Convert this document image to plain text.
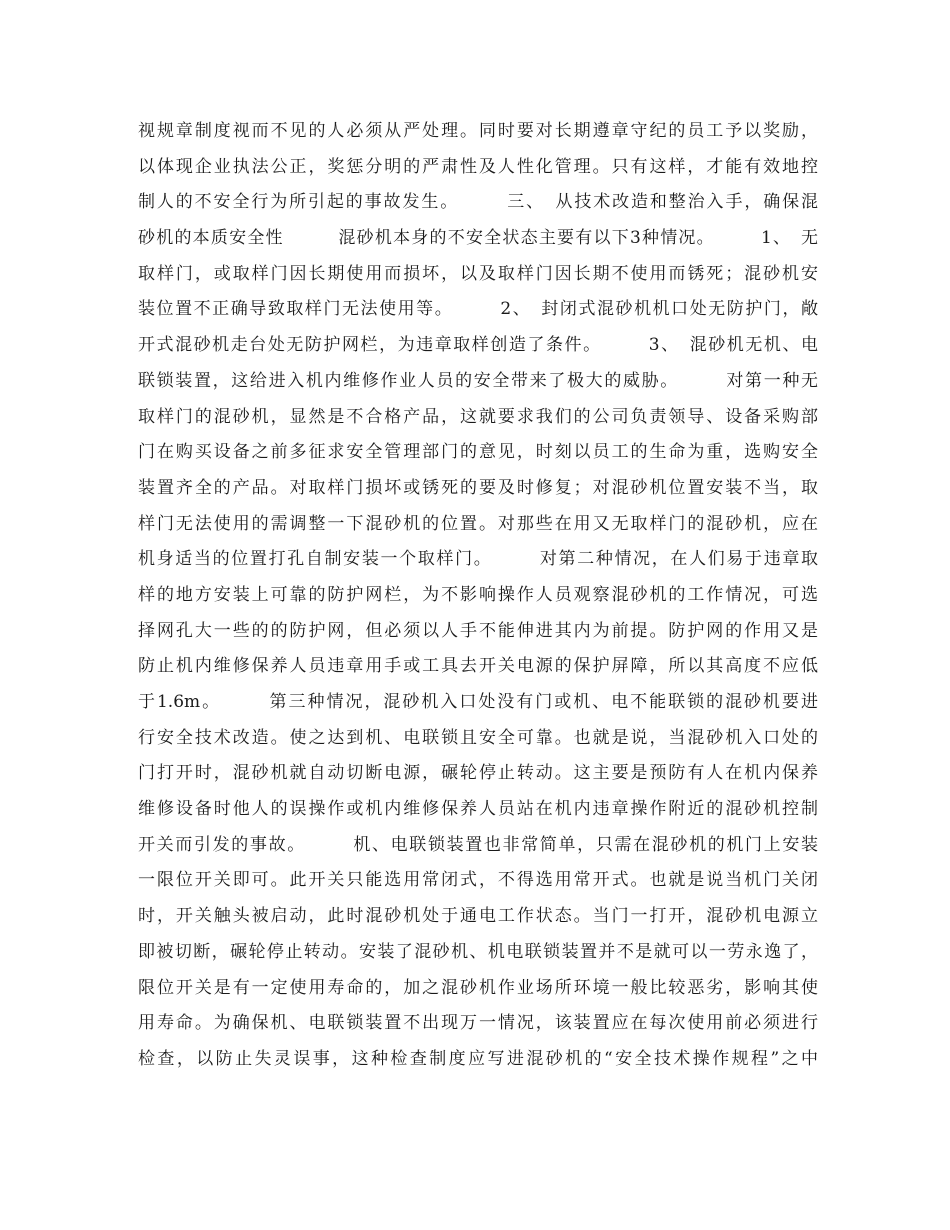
视规章制度视而不见的人必须从严处理。同时要对长期遵章守纪的员工予以奖励，
以体现企业执法公正，奖惩分明的严肃性及人性化管理。只有这样，才能有效地控
制人的不安全行为所引起的事故发生。　　　三、　从技术改造和整治入手，确保混
砂机的本质安全性　　　混砂机本身的不安全状态主要有以下3种情况。　　　1、　无
取样门，或取样门因长期使用而损坏，以及取样门因长期不使用而锈死；混砂机安
装位置不正确导致取样门无法使用等。　　　2、　封闭式混砂机机口处无防护门，敞
开式混砂机走台处无防护网栏，为违章取样创造了条件。　　　3、　混砂机无机、电
联锁装置，这给进入机内维修作业人员的安全带来了极大的威胁。　　　对第一种无
取样门的混砂机，显然是不合格产品，这就要求我们的公司负责领导、设备采购部
门在购买设备之前多征求安全管理部门的意见，时刻以员工的生命为重，选购安全
装置齐全的产品。对取样门损坏或锈死的要及时修复；对混砂机位置安装不当，取
样门无法使用的需调整一下混砂机的位置。对那些在用又无取样门的混砂机，应在
机身适当的位置打孔自制安装一个取样门。　　　对第二种情况，在人们易于违章取
样的地方安装上可靠的防护网栏，为不影响操作人员观察混砂机的工作情况，可选
择网孔大一些的的防护网，但必须以人手不能伸进其内为前提。防护网的作用又是
防止机内维修保养人员违章用手或工具去开关电源的保护屏障，所以其高度不应低
于1.6m。　　　第三种情况，混砂机入口处没有门或机、电不能联锁的混砂机要进
行安全技术改造。使之达到机、电联锁且安全可靠。也就是说，当混砂机入口处的
门打开时，混砂机就自动切断电源，碾轮停止转动。这主要是预防有人在机内保养
维修设备时他人的误操作或机内维修保养人员站在机内违章操作附近的混砂机控制
开关而引发的事故。　　　机、电联锁装置也非常简单，只需在混砂机的机门上安装
一限位开关即可。此开关只能选用常闭式，不得选用常开式。也就是说当机门关闭
时，开关触头被启动，此时混砂机处于通电工作状态。当门一打开，混砂机电源立
即被切断，碾轮停止转动。安装了混砂机、机电联锁装置并不是就可以一劳永逸了，
限位开关是有一定使用寿命的，加之混砂机作业场所环境一般比较恶劣，影响其使
用寿命。为确保机、电联锁装置不出现万一情况，该装置应在每次使用前必须进行
检查，以防止失灵误事，这种检查制度应写进混砂机的“安全技术操作规程”之中
